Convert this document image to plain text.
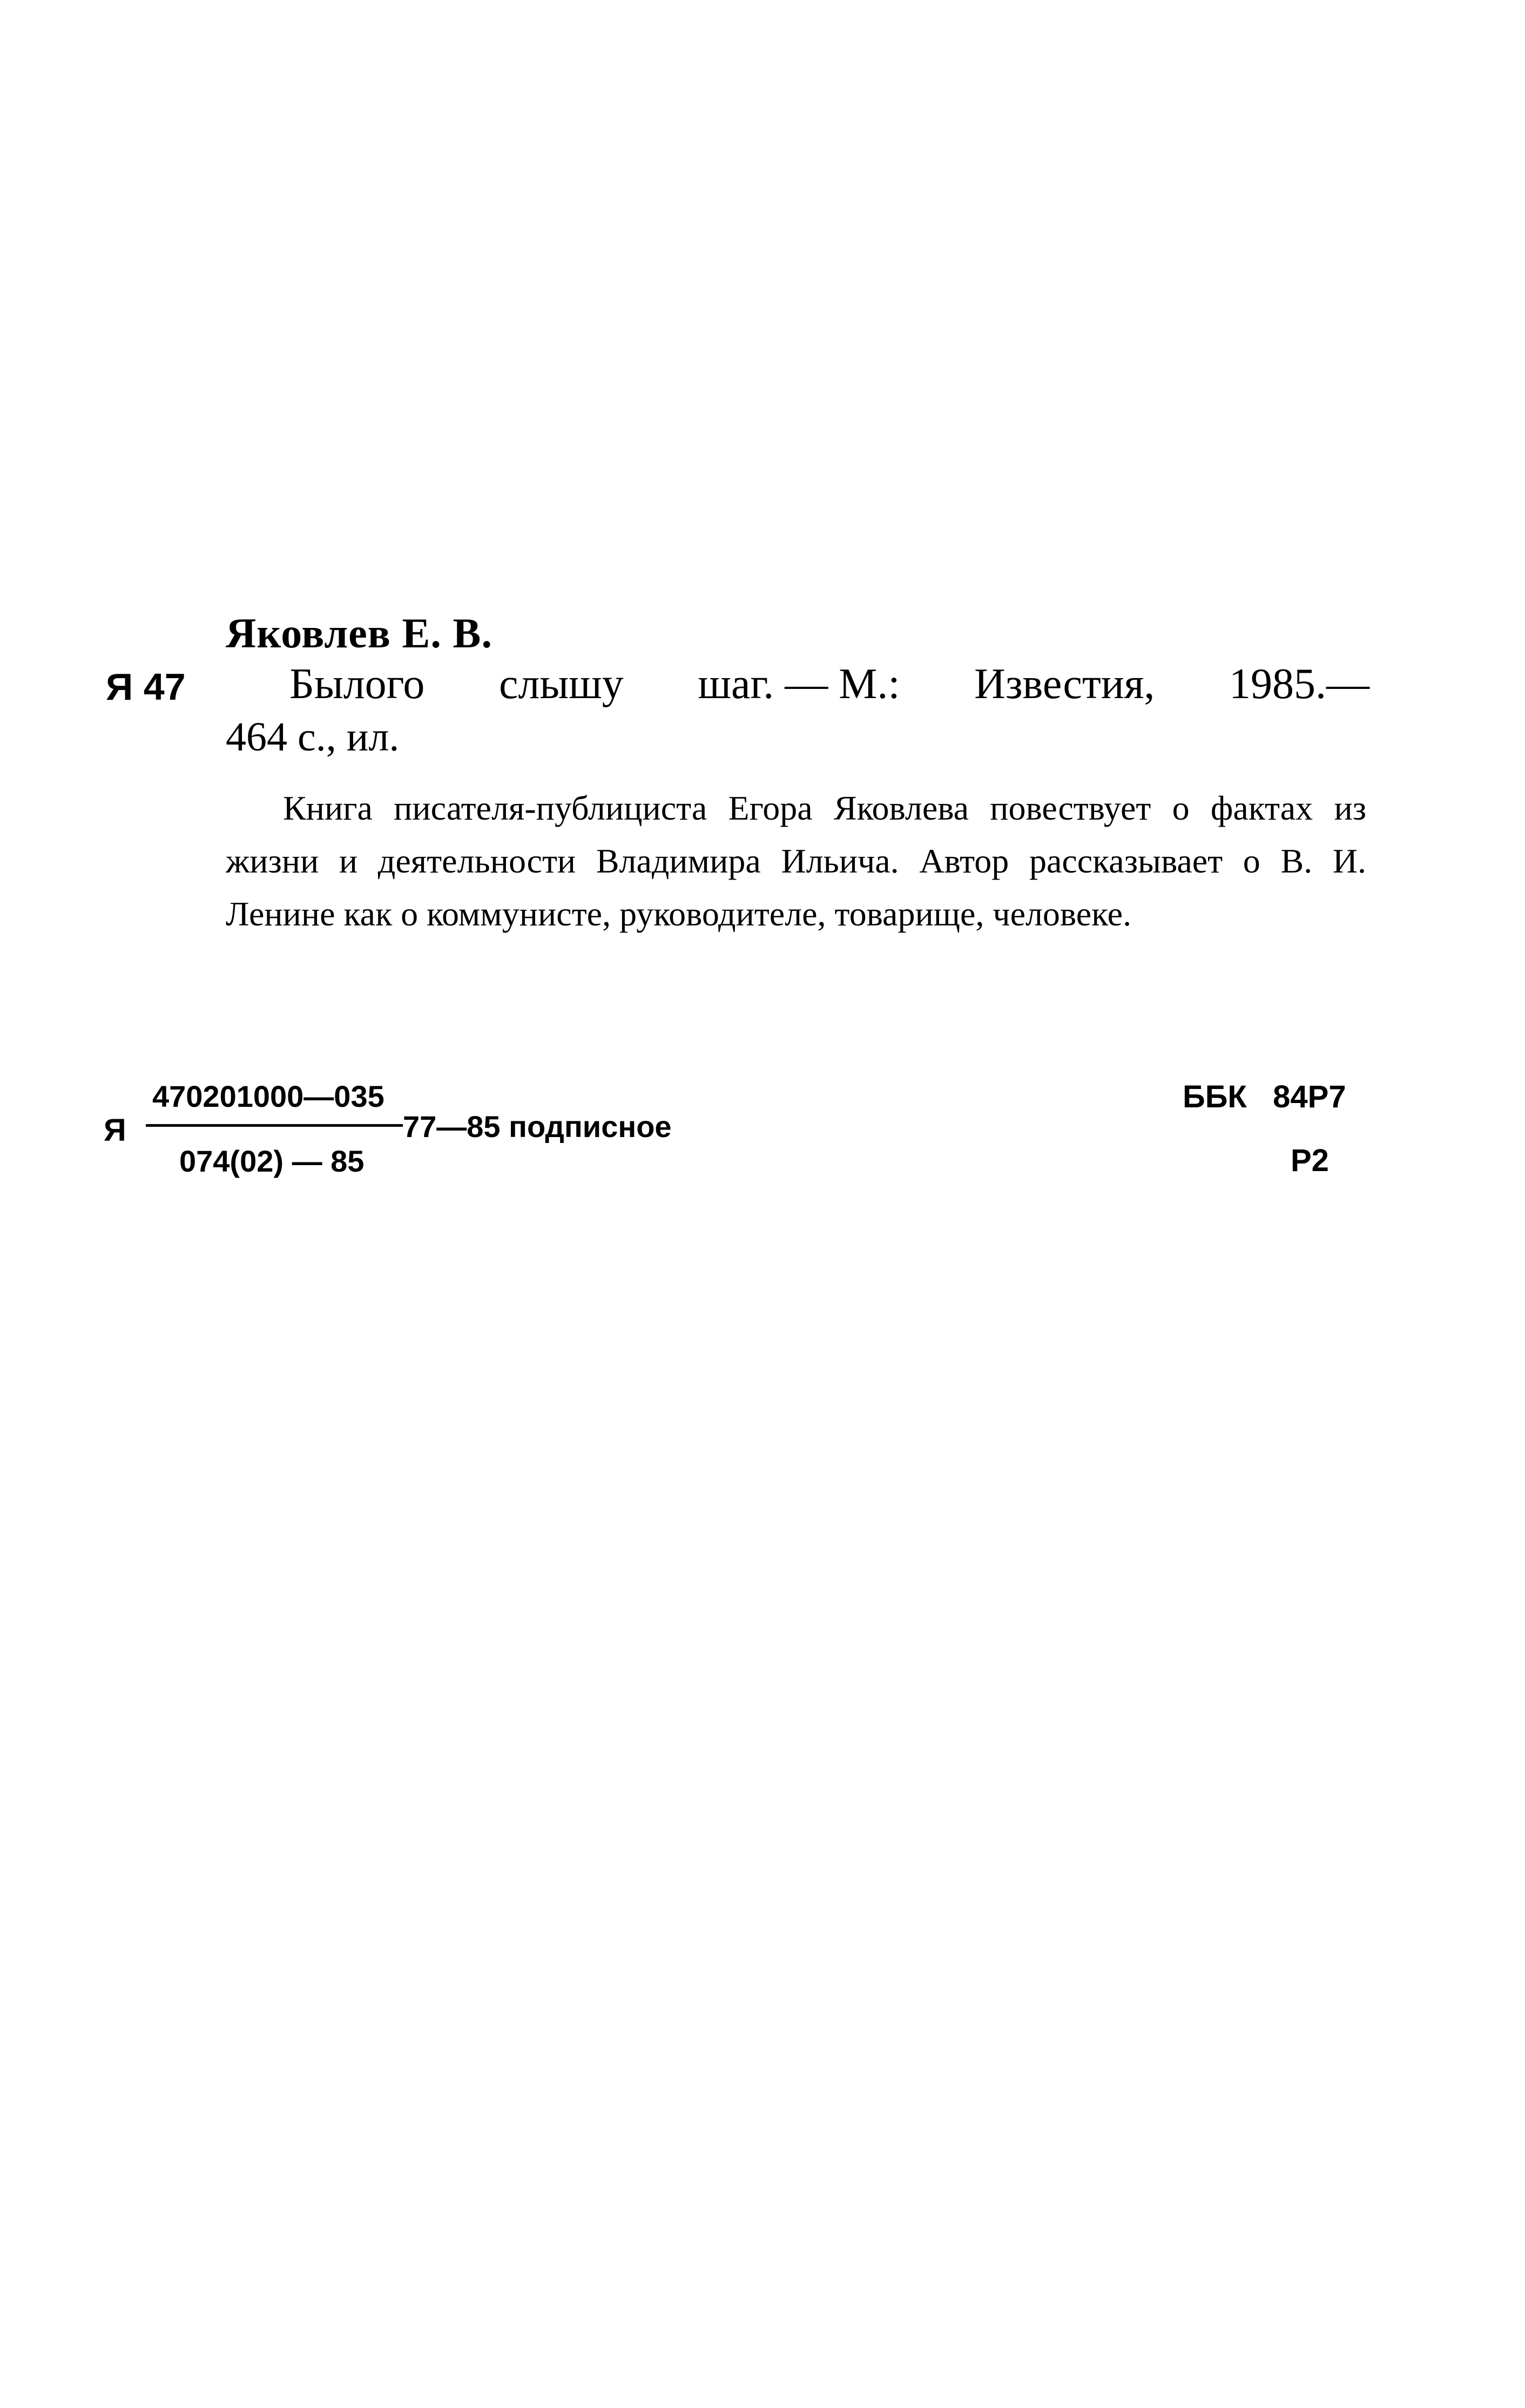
Яковлев Е. В.
Я 47 Былого слышу шаг. — М.: Известия, 1985.—
464 с., ил.
Книга писателя-публициста Егора Яковлева повествует о фактах из жизни и деятельности Владимира Ильича. Автор рассказывает о В. И. Ленине как о коммунисте, руководителе, товарище, человеке.
Я
470201000—035
074(02) — 85
77—85 подписное
ББК 84Р7
Р2
